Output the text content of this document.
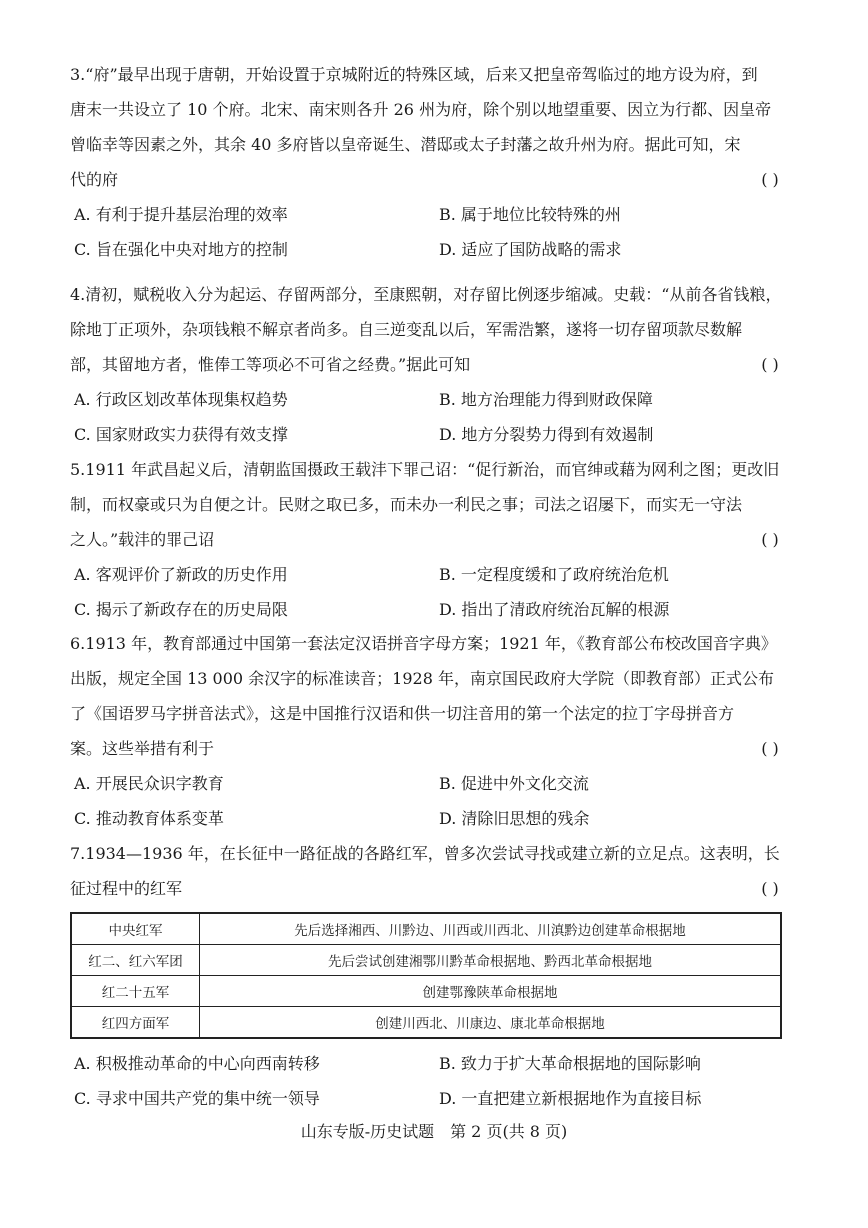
3.“府”最早出现于唐朝，开始设置于京城附近的特殊区域，后来又把皇帝驾临过的地方设为府，到
唐末一共设立了 10 个府。北宋、南宋则各升 26 州为府，除个别以地望重要、因立为行都、因皇帝
曾临幸等因素之外，其余 40 多府皆以皇帝诞生、潜邸或太子封藩之故升州为府。据此可知，宋
代的府	( )
A. 有利于提升基层治理的效率	B. 属于地位比较特殊的州
C. 旨在强化中央对地方的控制	D. 适应了国防战略的需求
4.清初，赋税收入分为起运、存留两部分，至康熙朝，对存留比例逐步缩减。史载：“从前各省钱粮，
除地丁正项外，杂项钱粮不解京者尚多。自三逆变乱以后，军需浩繁，遂将一切存留项款尽数解
部，其留地方者，惟俸工等项必不可省之经费。”据此可知	( )
A. 行政区划改革体现集权趋势	B. 地方治理能力得到财政保障
C. 国家财政实力获得有效支撑	D. 地方分裂势力得到有效遏制
5.1911 年武昌起义后，清朝监国摄政王载沣下罪己诏：“促行新治，而官绅或藉为网利之图；更改旧
制，而权豪或只为自便之计。民财之取已多，而未办一利民之事；司法之诏屡下，而实无一守法
之人。”载沣的罪己诏	( )
A. 客观评价了新政的历史作用	B. 一定程度缓和了政府统治危机
C. 揭示了新政存在的历史局限	D. 指出了清政府统治瓦解的根源
6.1913 年，教育部通过中国第一套法定汉语拼音字母方案；1921 年，《教育部公布校改国音字典》
出版，规定全国 13 000 余汉字的标准读音；1928 年，南京国民政府大学院（即教育部）正式公布
了《国语罗马字拼音法式》，这是中国推行汉语和供一切注音用的第一个法定的拉丁字母拼音方
案。这些举措有利于	( )
A. 开展民众识字教育	B. 促进中外文化交流
C. 推动教育体系变革	D. 清除旧思想的残余
7.1934—1936 年，在长征中一路征战的各路红军，曾多次尝试寻找或建立新的立足点。这表明，长
征过程中的红军	( )
中央红军	先后选择湘西、川黔边、川西或川西北、川滇黔边创建革命根据地
红二、红六军团	先后尝试创建湘鄂川黔革命根据地、黔西北革命根据地
红二十五军	创建鄂豫陕革命根据地
红四方面军	创建川西北、川康边、康北革命根据地
A. 积极推动革命的中心向西南转移	B. 致力于扩大革命根据地的国际影响
C. 寻求中国共产党的集中统一领导	D. 一直把建立新根据地作为直接目标
山东专版-历史试题　第 2 页(共 8 页)
